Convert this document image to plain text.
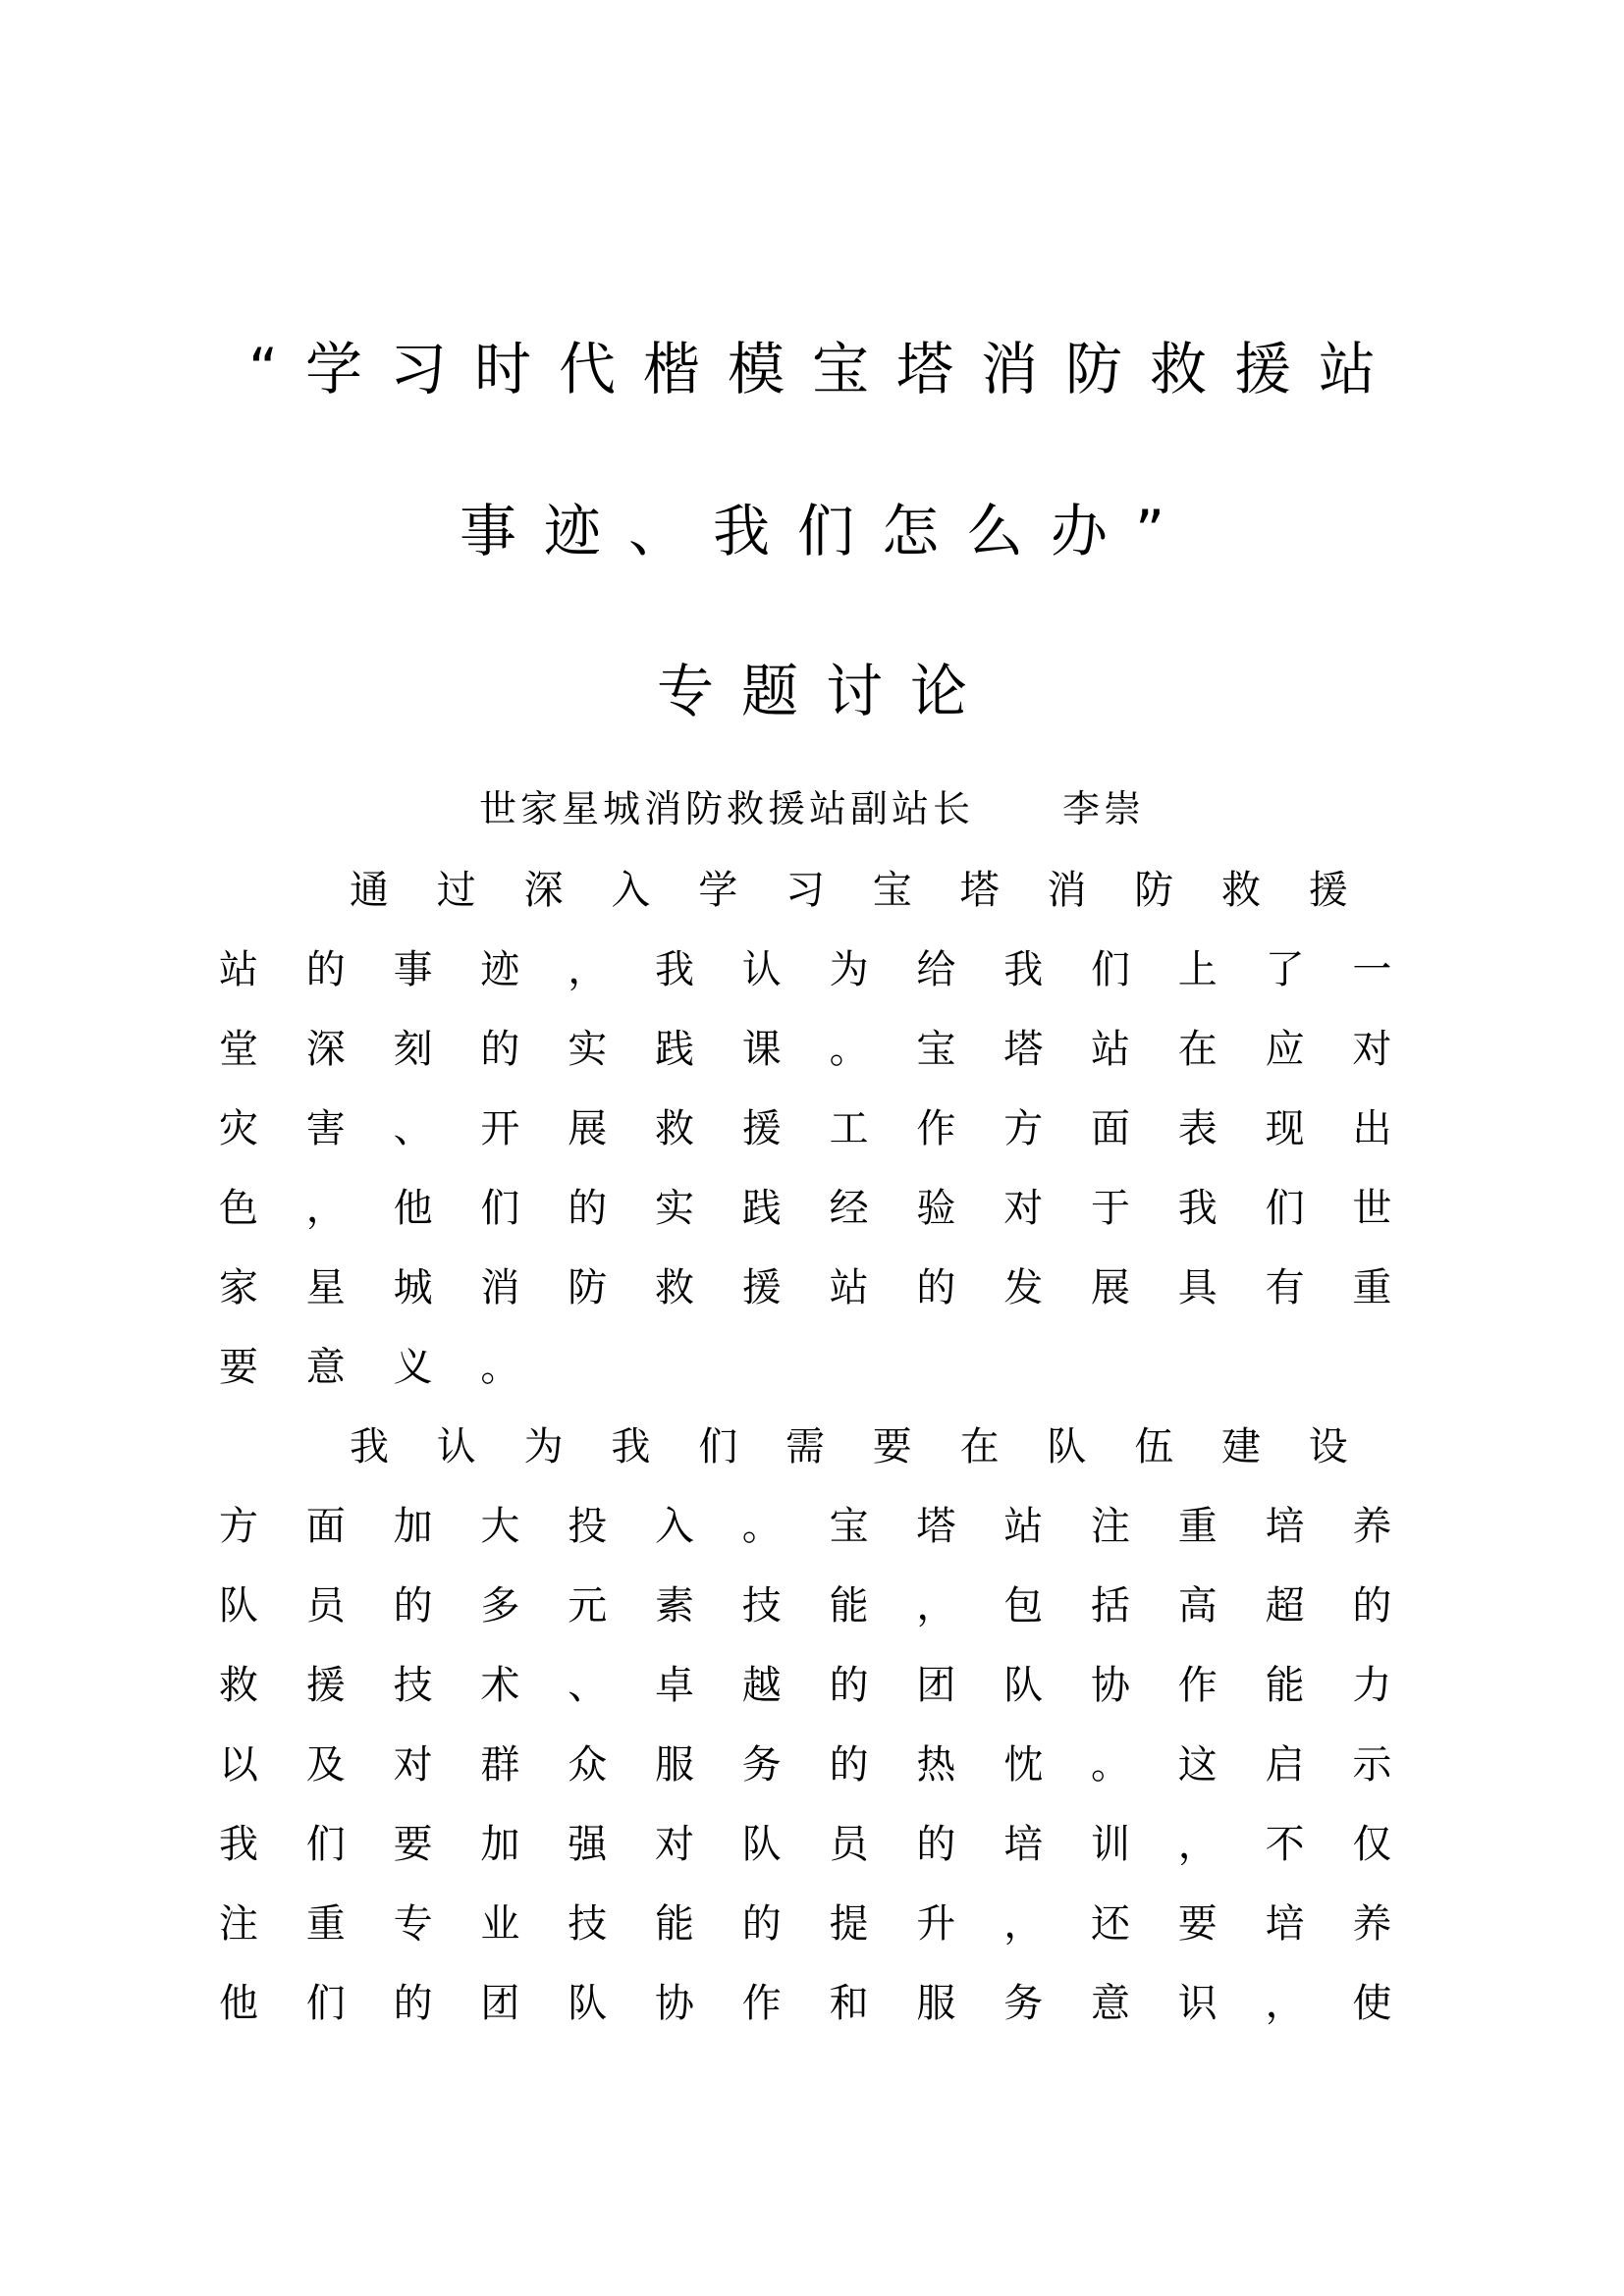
“学习时代楷模宝塔消防救援站
事迹、我们怎么办”
专题讨论
世家星城消防救援站副站长 李崇
通过深入学习宝塔消防救援
站的事迹，我认为给我们上了一
堂深刻的实践课。宝塔站在应对
灾害、开展救援工作方面表现出
色，他们的实践经验对于我们世
家星城消防救援站的发展具有重
要意义。
我认为我们需要在队伍建设
方面加大投入。宝塔站注重培养
队员的多元素技能，包括高超的
救援技术、卓越的团队协作能力
以及对群众服务的热忱。这启示
我们要加强对队员的培训，不仅
注重专业技能的提升，还要培养
他们的团队协作和服务意识，使
